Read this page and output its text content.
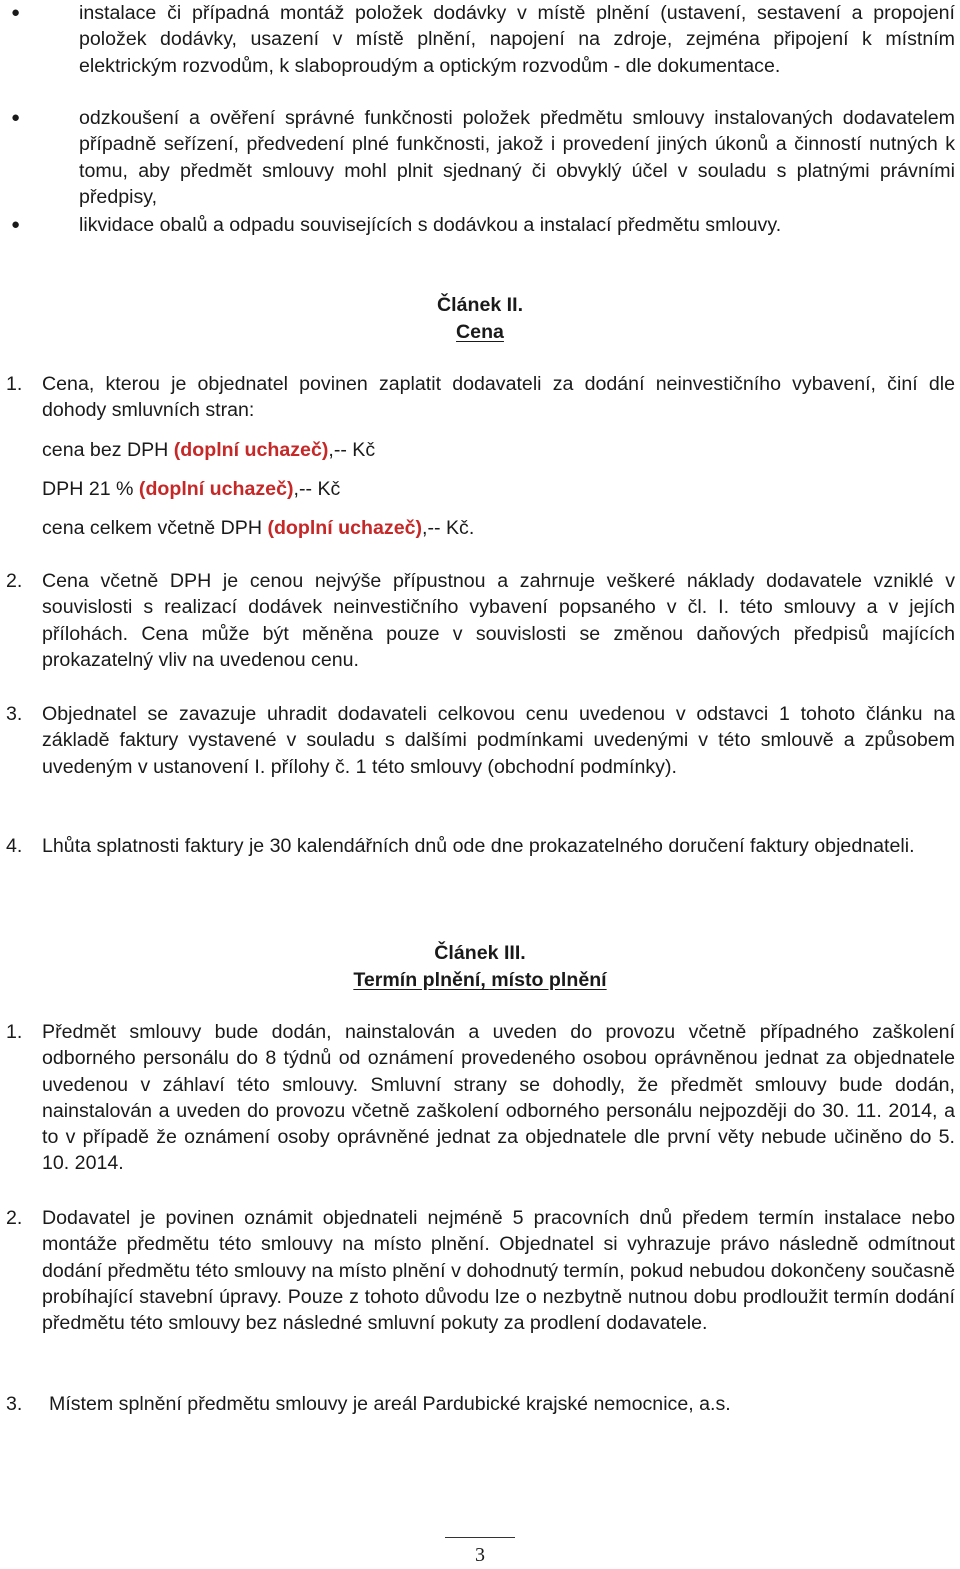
●	instalace či případná montáž položek dodávky v místě plnění (ustavení, sestavení a propojení položek dodávky, usazení v místě plnění, napojení na zdroje, zejména připojení k místním elektrickým rozvodům, k slaboproudým a optickým rozvodům - dle dokumentace.

●	odzkoušení a ověření správné funkčnosti položek předmětu smlouvy instalovaných dodavatelem případně seřízení, předvedení plné funkčnosti, jakož i provedení jiných úkonů a činností nutných k tomu, aby předmět smlouvy mohl plnit sjednaný či obvyklý účel v souladu s platnými právními předpisy,

●	likvidace obalů a odpadu souvisejících s dodávkou a instalací předmětu smlouvy.

Článek II.

Cena

1. Cena, kterou je objednatel povinen zaplatit dodavateli za dodání neinvestičního vybavení, činí dle dohody smluvních stran:

cena bez DPH (doplní uchazeč),-- Kč

DPH 21 % (doplní uchazeč),-- Kč

cena celkem včetně DPH (doplní uchazeč),-- Kč.

2. Cena včetně DPH je cenou nejvýše přípustnou a zahrnuje veškeré náklady dodavatele vzniklé v souvislosti s realizací dodávek neinvestičního vybavení popsaného v čl. I. této smlouvy a v jejích přílohách. Cena může být měněna pouze v souvislosti se změnou daňových předpisů majících prokazatelný vliv na uvedenou cenu.

3. Objednatel se zavazuje uhradit dodavateli celkovou cenu uvedenou v odstavci 1 tohoto článku na základě faktury vystavené v souladu s dalšími podmínkami uvedenými v této smlouvě a způsobem uvedeným v ustanovení I. přílohy č. 1 této smlouvy (obchodní podmínky).

4. Lhůta splatnosti faktury je 30 kalendářních dnů ode dne prokazatelného doručení faktury objednateli.

Článek III.

Termín plnění, místo plnění

1. Předmět smlouvy bude dodán, nainstalován a uveden do provozu včetně případného zaškolení odborného personálu do 8 týdnů od oznámení provedeného osobou oprávněnou jednat za objednatele uvedenou v záhlaví této smlouvy. Smluvní strany se dohodly, že předmět smlouvy bude dodán, nainstalován a uveden do provozu včetně zaškolení odborného personálu nejpozději do 30. 11. 2014, a to v případě že oznámení osoby oprávněné jednat za objednatele dle první věty nebude učiněno do 5. 10. 2014.

2. Dodavatel je povinen oznámit objednateli nejméně 5 pracovních dnů předem termín instalace nebo montáže předmětu této smlouvy na místo plnění. Objednatel si vyhrazuje právo následně odmítnout dodání předmětu této smlouvy na místo plnění v dohodnutý termín, pokud nebudou dokončeny současně probíhající stavební úpravy. Pouze z tohoto důvodu lze o nezbytně nutnou dobu prodloužit termín dodání předmětu této smlouvy bez následné smluvní pokuty za prodlení dodavatele.

3. Místem splnění předmětu smlouvy je areál Pardubické krajské nemocnice, a.s.

3
